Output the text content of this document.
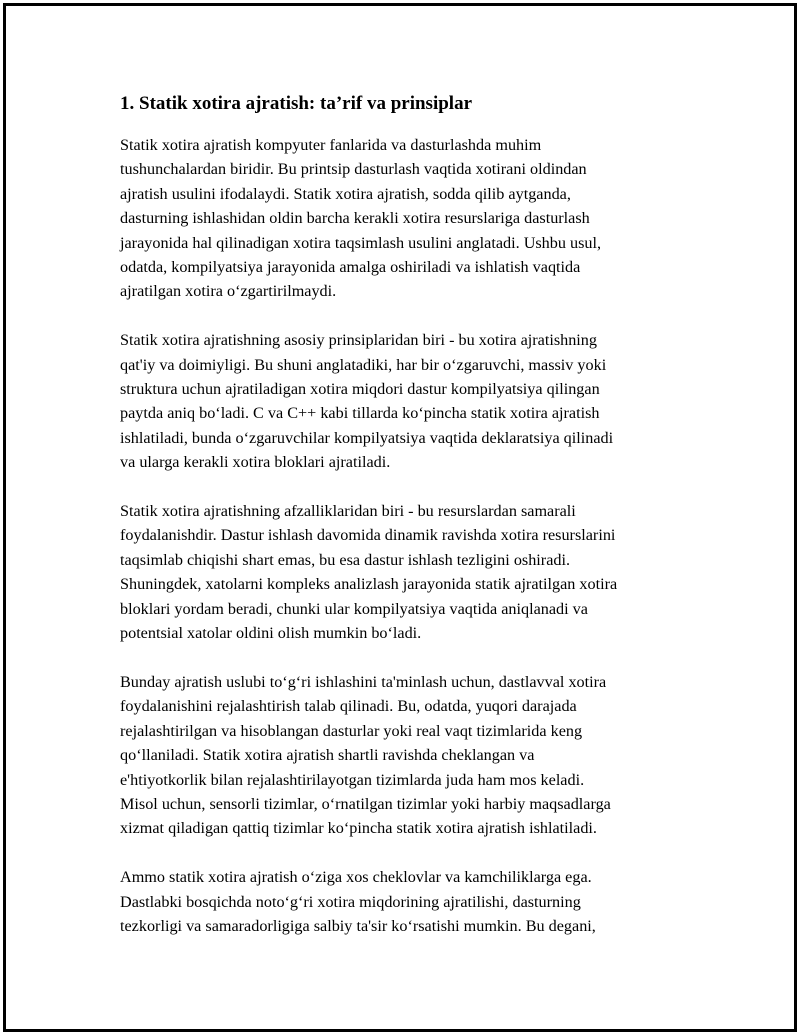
1. Statik xotira ajratish: ta’rif va prinsiplar
Statik xotira ajratish kompyuter fanlarida va dasturlashda muhim
tushunchalardan biridir. Bu printsip dasturlash vaqtida xotirani oldindan
ajratish usulini ifodalaydi. Statik xotira ajratish, sodda qilib aytganda,
dasturning ishlashidan oldin barcha kerakli xotira resurslariga dasturlash
jarayonida hal qilinadigan xotira taqsimlash usulini anglatadi. Ushbu usul,
odatda, kompilyatsiya jarayonida amalga oshiriladi va ishlatish vaqtida
ajratilgan xotira o‘zgartirilmaydi.
Statik xotira ajratishning asosiy prinsiplaridan biri - bu xotira ajratishning
qat'iy va doimiyligi. Bu shuni anglatadiki, har bir o‘zgaruvchi, massiv yoki
struktura uchun ajratiladigan xotira miqdori dastur kompilyatsiya qilingan
paytda aniq bo‘ladi. C va C++ kabi tillarda ko‘pincha statik xotira ajratish
ishlatiladi, bunda o‘zgaruvchilar kompilyatsiya vaqtida deklaratsiya qilinadi
va ularga kerakli xotira bloklari ajratiladi.
Statik xotira ajratishning afzalliklaridan biri - bu resurslardan samarali
foydalanishdir. Dastur ishlash davomida dinamik ravishda xotira resurslarini
taqsimlab chiqishi shart emas, bu esa dastur ishlash tezligini oshiradi.
Shuningdek, xatolarni kompleks analizlash jarayonida statik ajratilgan xotira
bloklari yordam beradi, chunki ular kompilyatsiya vaqtida aniqlanadi va
potentsial xatolar oldini olish mumkin bo‘ladi.
Bunday ajratish uslubi to‘g‘ri ishlashini ta'minlash uchun, dastlavval xotira
foydalanishini rejalashtirish talab qilinadi. Bu, odatda, yuqori darajada
rejalashtirilgan va hisoblangan dasturlar yoki real vaqt tizimlarida keng
qo‘llaniladi. Statik xotira ajratish shartli ravishda cheklangan va
e'htiyotkorlik bilan rejalashtirilayotgan tizimlarda juda ham mos keladi.
Misol uchun, sensorli tizimlar, o‘rnatilgan tizimlar yoki harbiy maqsadlarga
xizmat qiladigan qattiq tizimlar ko‘pincha statik xotira ajratish ishlatiladi.
Ammo statik xotira ajratish o‘ziga xos cheklovlar va kamchiliklarga ega.
Dastlabki bosqichda noto‘g‘ri xotira miqdorining ajratilishi, dasturning
tezkorligi va samaradorligiga salbiy ta'sir ko‘rsatishi mumkin. Bu degani,
